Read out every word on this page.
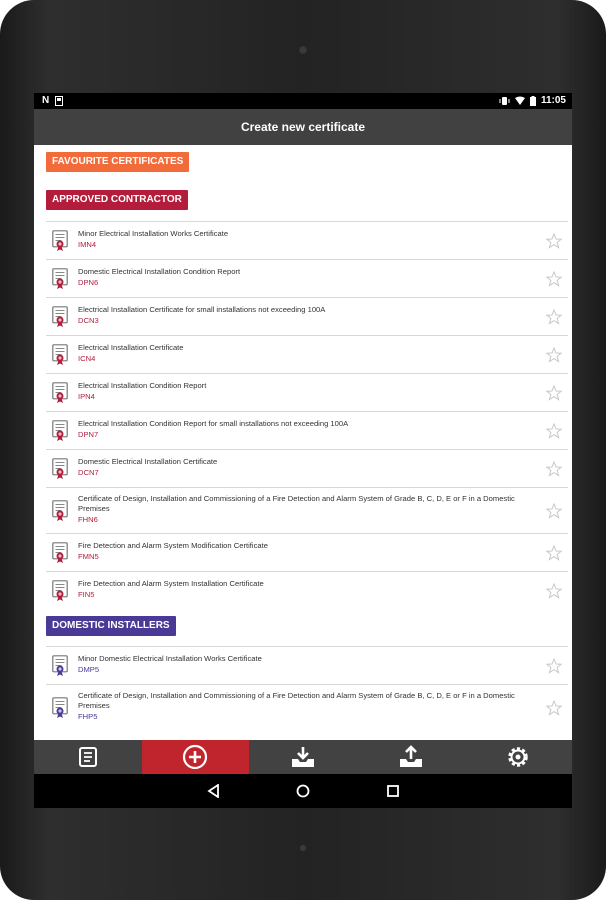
N	11:05
Create new certificate
FAVOURITE CERTIFICATES
APPROVED CONTRACTOR
Minor Electrical Installation Works Certificate
IMN4
Domestic Electrical Installation Condition Report
DPN6
Electrical Installation Certificate for small installations not exceeding 100A
DCN3
Electrical Installation Certificate
ICN4
Electrical Installation Condition Report
IPN4
Electrical Installation Condition Report for small installations not exceeding 100A
DPN7
Domestic Electrical Installation Certificate
DCN7
Certificate of Design, Installation and Commissioning of a Fire Detection and Alarm System of Grade B, C, D, E or F in a Domestic Premises
FHN6
Fire Detection and Alarm System Modification Certificate
FMN5
Fire Detection and Alarm System Installation Certificate
FIN5
DOMESTIC INSTALLERS
Minor Domestic Electrical Installation Works Certificate
DMP5
Certificate of Design, Installation and Commissioning of a Fire Detection and Alarm System of Grade B, C, D, E or F in a Domestic Premises
FHP5
